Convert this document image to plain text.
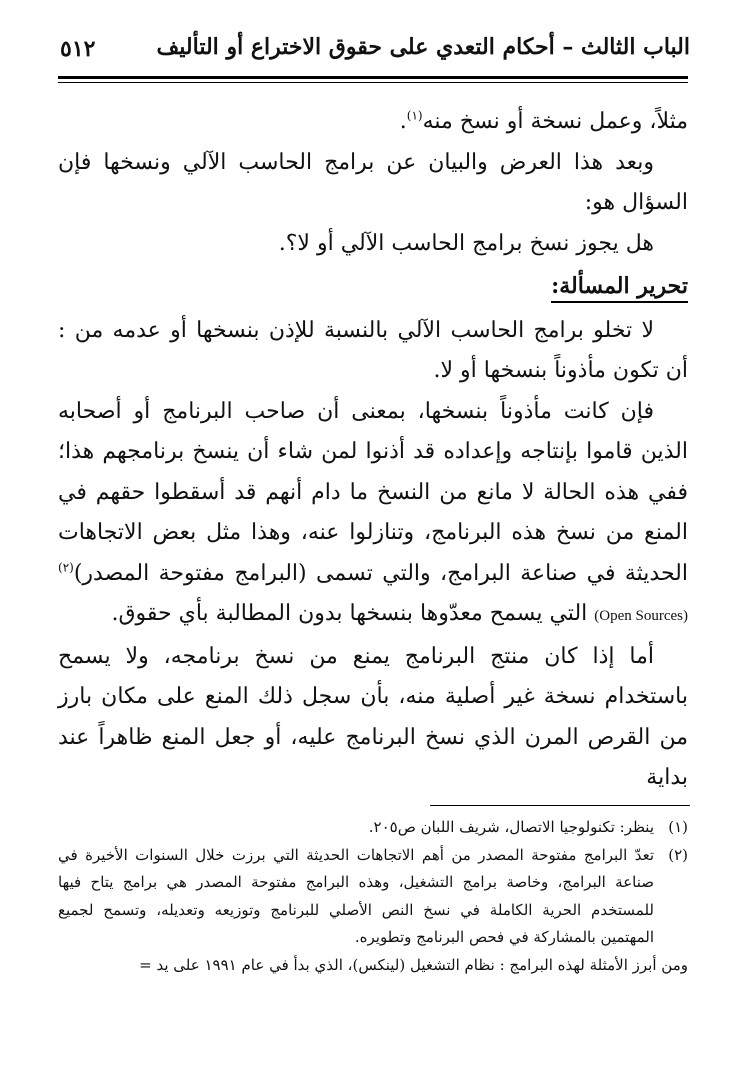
الباب الثالث – أحكام التعدي على حقوق الاختراع أو التأليف
٥١٢

مثلاً، وعمل نسخة أو نسخ منه$^{(١)}$.

وبعد هذا العرض والبيان عن برامج الحاسب الآلي ونسخها فإن السؤال هو:

هل يجوز نسخ برامج الحاسب الآلي أو لا؟.

تحرير المسألة:

لا تخلو برامج الحاسب الآلي بالنسبة للإذن بنسخها أو عدمه من : أن تكون مأذوناً بنسخها أو لا.

فإن كانت مأذوناً بنسخها، بمعنى أن صاحب البرنامج أو أصحابه الذين قاموا بإنتاجه وإعداده قد أذنوا لمن شاء أن ينسخ برنامجهم هذا؛ ففي هذه الحالة لا مانع من النسخ ما دام أنهم قد أسقطوا حقهم في المنع من نسخ هذه البرنامج، وتنازلوا عنه، وهذا مثل بعض الاتجاهات الحديثة في صناعة البرامج، والتي تسمى (البرامج مفتوحة المصدر)$^{(٢)}$ (Open Sources) التي يسمح معدّوها بنسخها بدون المطالبة بأي حقوق.

أما إذا كان منتج البرنامج يمنع من نسخ برنامجه، ولا يسمح باستخدام نسخة غير أصلية منه، بأن سجل ذلك المنع على مكان بارز من القرص المرن الذي نسخ البرنامج عليه، أو جعل المنع ظاهراً عند بداية

(١)
ينظر: تكنولوجيا الاتصال، شريف اللبان ص٢٠٥.
(٢)
تعدّ البرامج مفتوحة المصدر من أهم الاتجاهات الحديثة التي برزت خلال السنوات الأخيرة في صناعة البرامج، وخاصة برامج التشغيل، وهذه البرامج مفتوحة المصدر هي برامج يتاح فيها للمستخدم الحرية الكاملة في نسخ النص الأصلي للبرنامج وتوزيعه وتعديله، وتسمح لجميع المهتمين بالمشاركة في فحص البرنامج وتطويره.
ومن أبرز الأمثلة لهذه البرامج : نظام التشغيل (لينكس)، الذي بدأ في عام ١٩٩١ على يد =
